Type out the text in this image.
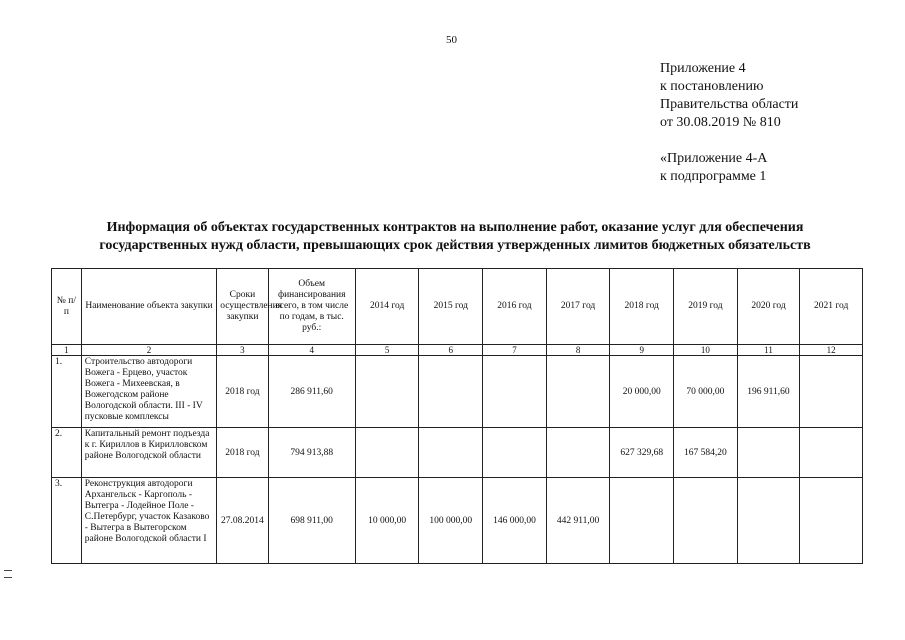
50
Приложение 4
к постановлению
Правительства области
от 30.08.2019 № 810
«Приложение 4-А
к подпрограмме 1
Информация об объектах государственных контрактов на выполнение работ, оказание услуг для обеспечения
государственных нужд области, превышающих срок действия утвержденных лимитов бюджетных обязательств
№ п/п	Наименование объекта закупки	Сроки осуществления закупки	Объем финансирования всего, в том числе по годам, в тыс. руб.:	2014 год	2015 год	2016 год	2017 год	2018 год	2019 год	2020 год	2021 год
1	2	3	4	5	6	7	8	9	10	11	12
1.	Строительство автодороги Вожега - Ерцево, участок Вожега - Михеевская, в Вожегодском районе Вологодской области. III - IV пусковые комплексы	2018 год	286 911,60					20 000,00	70 000,00	196 911,60	
2.	Капитальный ремонт подъезда к г. Кириллов в Кирилловском районе Вологодской области	2018 год	794 913,88					627 329,68	167 584,20		
3.	Реконструкция автодороги Архангельск - Каргополь - Вытегра - Лодейное Поле - С.Петербург, участок Казаково - Вытегра в Вытегорском районе Вологодской области I	27.08.2014	698 911,00	10 000,00	100 000,00	146 000,00	442 911,00				
